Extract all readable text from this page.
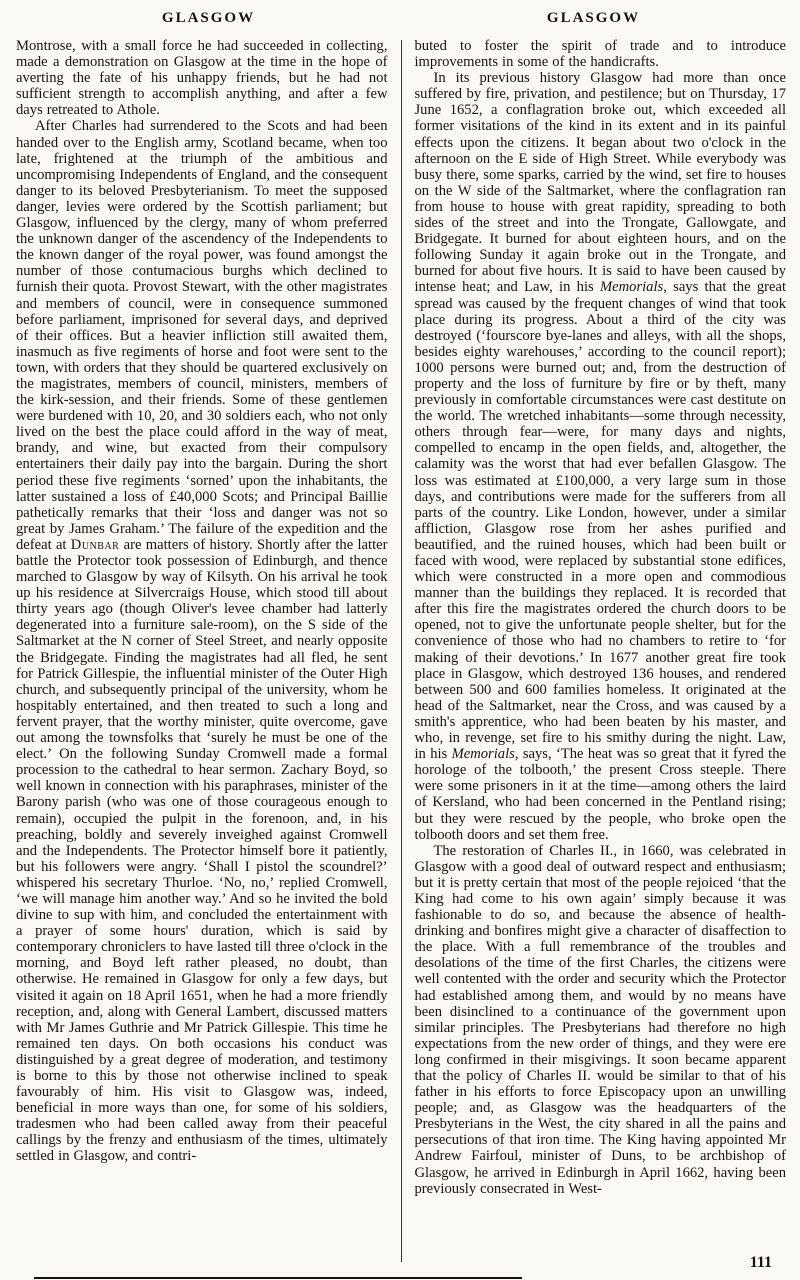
GLASGOW	GLASGOW

Montrose, with a small force he had succeeded in collecting, made a demonstration on Glasgow at the time in the hope of averting the fate of his unhappy friends, but he had not sufficient strength to accomplish anything, and after a few days retreated to Athole.

After Charles had surrendered to the Scots and had been handed over to the English army, Scotland became, when too late, frightened at the triumph of the ambitious and uncompromising Independents of England, and the consequent danger to its beloved Presbyterianism. To meet the supposed danger, levies were ordered by the Scottish parliament; but Glasgow, influenced by the clergy, many of whom preferred the unknown danger of the ascendency of the Independents to the known danger of the royal power, was found amongst the number of those contumacious burghs which declined to furnish their quota. Provost Stewart, with the other magistrates and members of council, were in consequence summoned before parliament, imprisoned for several days, and deprived of their offices. But a heavier infliction still awaited them, inasmuch as five regiments of horse and foot were sent to the town, with orders that they should be quartered exclusively on the magistrates, members of council, ministers, members of the kirk-session, and their friends. Some of these gentlemen were burdened with 10, 20, and 30 soldiers each, who not only lived on the best the place could afford in the way of meat, brandy, and wine, but exacted from their compulsory entertainers their daily pay into the bargain. During the short period these five regiments ‘sorned’ upon the inhabitants, the latter sustained a loss of £40,000 Scots; and Principal Baillie pathetically remarks that their ‘loss and danger was not so great by James Graham.’ The failure of the expedition and the defeat at Dunbar are matters of history. Shortly after the latter battle the Protector took possession of Edinburgh, and thence marched to Glasgow by way of Kilsyth. On his arrival he took up his residence at Silvercraigs House, which stood till about thirty years ago (though Oliver's levee chamber had latterly degenerated into a furniture sale-room), on the S side of the Saltmarket at the N corner of Steel Street, and nearly opposite the Bridgegate. Finding the magistrates had all fled, he sent for Patrick Gillespie, the influential minister of the Outer High church, and subsequently principal of the university, whom he hospitably entertained, and then treated to such a long and fervent prayer, that the worthy minister, quite overcome, gave out among the townsfolks that ‘surely he must be one of the elect.’ On the following Sunday Cromwell made a formal procession to the cathedral to hear sermon. Zachary Boyd, so well known in connection with his paraphrases, minister of the Barony parish (who was one of those courageous enough to remain), occupied the pulpit in the forenoon, and, in his preaching, boldly and severely inveighed against Cromwell and the Independents. The Protector himself bore it patiently, but his followers were angry. ‘Shall I pistol the scoundrel?’ whispered his secretary Thurloe. ‘No, no,’ replied Cromwell, ‘we will manage him another way.’ And so he invited the bold divine to sup with him, and concluded the entertainment with a prayer of some hours' duration, which is said by contemporary chroniclers to have lasted till three o'clock in the morning, and Boyd left rather pleased, no doubt, than otherwise. He remained in Glasgow for only a few days, but visited it again on 18 April 1651, when he had a more friendly reception, and, along with General Lambert, discussed matters with Mr James Guthrie and Mr Patrick Gillespie. This time he remained ten days. On both occasions his conduct was distinguished by a great degree of moderation, and testimony is borne to this by those not otherwise inclined to speak favourably of him. His visit to Glasgow was, indeed, beneficial in more ways than one, for some of his soldiers, tradesmen who had been called away from their peaceful callings by the frenzy and enthusiasm of the times, ultimately settled in Glasgow, and contri-

buted to foster the spirit of trade and to introduce improvements in some of the handicrafts.

In its previous history Glasgow had more than once suffered by fire, privation, and pestilence; but on Thursday, 17 June 1652, a conflagration broke out, which exceeded all former visitations of the kind in its extent and in its painful effects upon the citizens. It began about two o'clock in the afternoon on the E side of High Street. While everybody was busy there, some sparks, carried by the wind, set fire to houses on the W side of the Saltmarket, where the conflagration ran from house to house with great rapidity, spreading to both sides of the street and into the Trongate, Gallowgate, and Bridgegate. It burned for about eighteen hours, and on the following Sunday it again broke out in the Trongate, and burned for about five hours. It is said to have been caused by intense heat; and Law, in his Memorials, says that the great spread was caused by the frequent changes of wind that took place during its progress. About a third of the city was destroyed (‘fourscore bye-lanes and alleys, with all the shops, besides eighty warehouses,’ according to the council report); 1000 persons were burned out; and, from the destruction of property and the loss of furniture by fire or by theft, many previously in comfortable circumstances were cast destitute on the world. The wretched inhabitants—some through necessity, others through fear—were, for many days and nights, compelled to encamp in the open fields, and, altogether, the calamity was the worst that had ever befallen Glasgow. The loss was estimated at £100,000, a very large sum in those days, and contributions were made for the sufferers from all parts of the country. Like London, however, under a similar affliction, Glasgow rose from her ashes purified and beautified, and the ruined houses, which had been built or faced with wood, were replaced by substantial stone edifices, which were constructed in a more open and commodious manner than the buildings they replaced. It is recorded that after this fire the magistrates ordered the church doors to be opened, not to give the unfortunate people shelter, but for the convenience of those who had no chambers to retire to ‘for making of their devotions.’ In 1677 another great fire took place in Glasgow, which destroyed 136 houses, and rendered between 500 and 600 families homeless. It originated at the head of the Saltmarket, near the Cross, and was caused by a smith's apprentice, who had been beaten by his master, and who, in revenge, set fire to his smithy during the night. Law, in his Memorials, says, ‘The heat was so great that it fyred the horologe of the tolbooth,’ the present Cross steeple. There were some prisoners in it at the time—among others the laird of Kersland, who had been concerned in the Pentland rising; but they were rescued by the people, who broke open the tolbooth doors and set them free.

The restoration of Charles II., in 1660, was celebrated in Glasgow with a good deal of outward respect and enthusiasm; but it is pretty certain that most of the people rejoiced ‘that the King had come to his own again’ simply because it was fashionable to do so, and because the absence of health-drinking and bonfires might give a character of disaffection to the place. With a full remembrance of the troubles and desolations of the time of the first Charles, the citizens were well contented with the order and security which the Protector had established among them, and would by no means have been disinclined to a continuance of the government upon similar principles. The Presbyterians had therefore no high expectations from the new order of things, and they were ere long confirmed in their misgivings. It soon became apparent that the policy of Charles II. would be similar to that of his father in his efforts to force Episcopacy upon an unwilling people; and, as Glasgow was the headquarters of the Presbyterians in the West, the city shared in all the pains and persecutions of that iron time. The King having appointed Mr Andrew Fairfoul, minister of Duns, to be archbishop of Glasgow, he arrived in Edinburgh in April 1662, having been previously consecrated in West-

111
